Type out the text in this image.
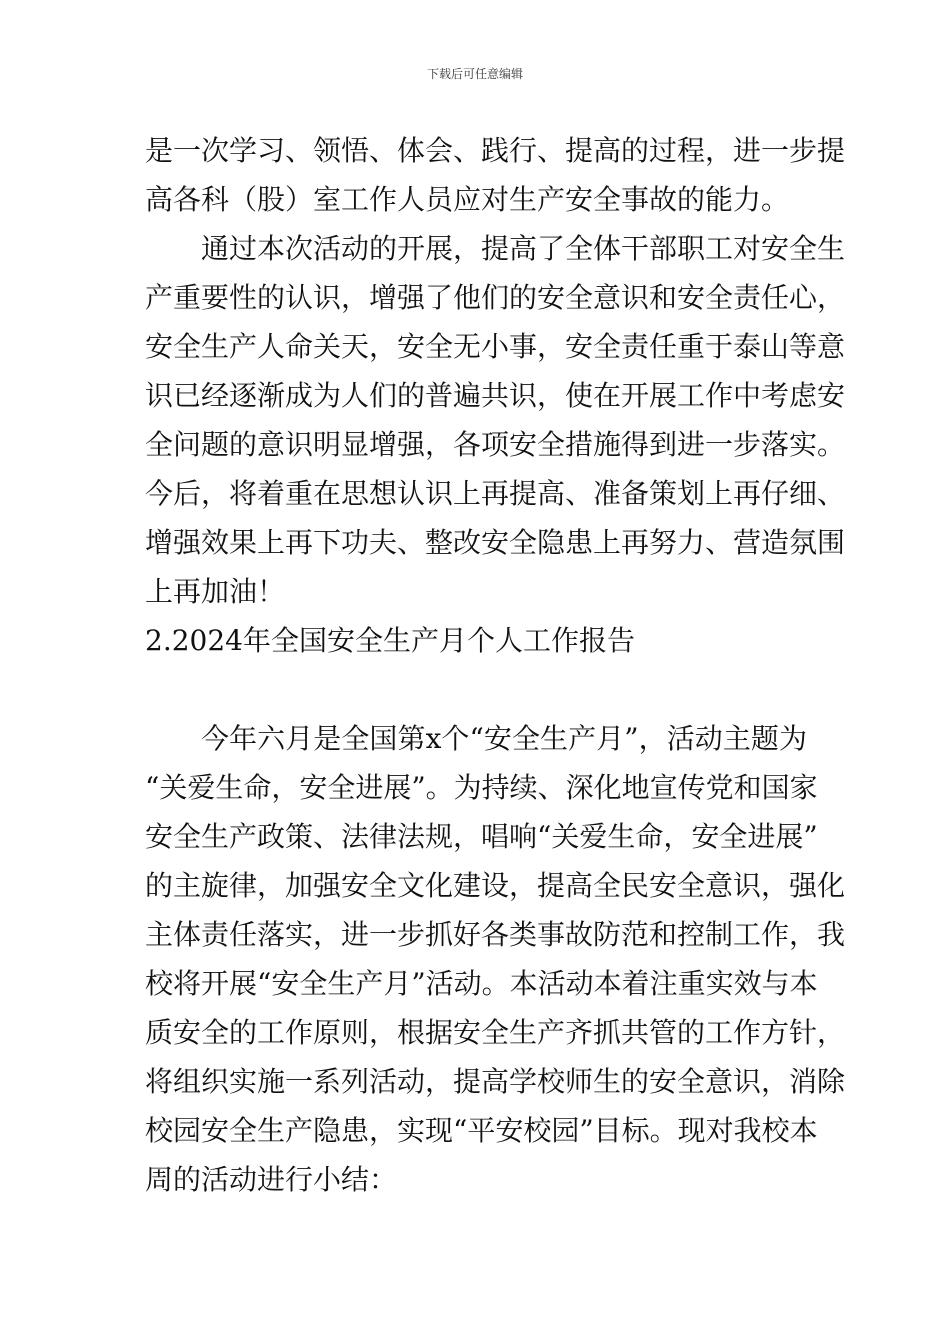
下载后可任意编辑
是一次学习、领悟、体会、践行、提高的过程，进一步提
高各科（股）室工作人员应对生产安全事故的能力。
通过本次活动的开展，提高了全体干部职工对安全生
产重要性的认识，增强了他们的安全意识和安全责任心，
安全生产人命关天，安全无小事，安全责任重于泰山等意
识已经逐渐成为人们的普遍共识，使在开展工作中考虑安
全问题的意识明显增强，各项安全措施得到进一步落实。
今后，将着重在思想认识上再提高、准备策划上再仔细、
增强效果上再下功夫、整改安全隐患上再努力、营造氛围
上再加油！
2.2024年全国安全生产月个人工作报告
今年六月是全国第x个“安全生产月”，活动主题为
“关爱生命，安全进展”。为持续、深化地宣传党和国家
安全生产政策、法律法规，唱响“关爱生命，安全进展”
的主旋律，加强安全文化建设，提高全民安全意识，强化
主体责任落实，进一步抓好各类事故防范和控制工作，我
校将开展“安全生产月”活动。本活动本着注重实效与本
质安全的工作原则，根据安全生产齐抓共管的工作方针，
将组织实施一系列活动，提高学校师生的安全意识，消除
校园安全生产隐患，实现“平安校园”目标。现对我校本
周的活动进行小结：
